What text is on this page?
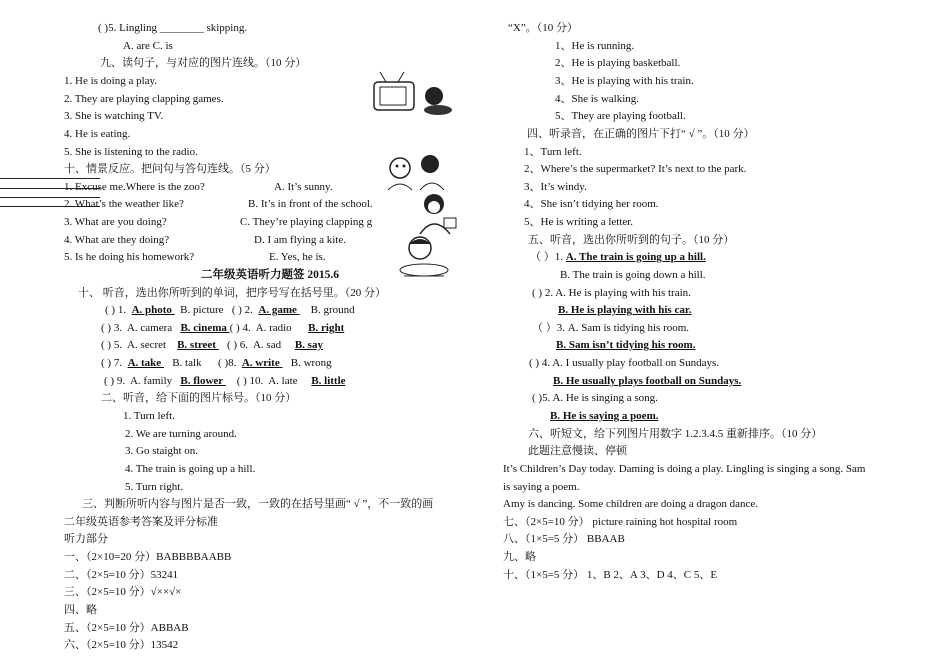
( )5. Lingling ________ skipping.
A. are C. is
九、读句子，与对应的图片连线。（10 分）
1. He is doing a play.
2. They are playing clapping games.
3. She is watching TV.
4. He is eating.
5. She is listening to the radio.
十、情景反应。把问句与答句连线。（5 分）
1. Excuse me.Where is the zoo?	A. It’s sunny.
2. What’s the weather like?	B. It’s in front of the school.
3. What are you doing?	C. They’re playing clapping g
4. What are they doing?	D. I am flying a kite.
5. Is he doing his homework?	E. Yes, he is.
二年级英语听力题签 2015.6
十、 听音，选出你所听到的单词，把序号写在括号里。（20 分）
( ) 1. A. photo   B. picture ( ) 2. A. game     B. ground
( ) 3. A. camera B. cinema ( ) 4. A. radio B. right
( ) 5. A. secret B. street    ( ) 6. A. sad     B. say
( ) 7. A. take    B. talk ( )8. A. write    B. wrong
( ) 9. A. family B. flower     ( ) 10. A. late B. little
二、听音，给下面的图片标号。（10 分）
1. Turn left.
2. We are turning around.
3. Go staight on.
4. The train is going up a hill.
5. Turn right.
三、判断所听内容与图片是否一致，一致的在括号里画“ √ ”，不一致的画
二年级英语参考答案及评分标准
听力部分
一、（2×10=20 分）BABBBBAABB
二、（2×5=10 分）53241
三、（2×5=10 分）√××√×
四、略
五、（2×5=10 分）ABBAB
六、（2×5=10 分）13542
“X”。（10 分）
1、He is running.
2、He is playing basketball.
3、He is playing with his train.
4、She is walking.
5、They are playing football.
四、听录音，在正确的图片下打“ √ ”。（10 分）
1、Turn left.
2、Where’s the supermarket? It’s next to the park.
3、It’s windy.
4、She isn’t tidying her room.
5、He is writing a letter.
五、听音，选出你所听到的句子。（10 分）
（ ）1. A. The train is going up a hill.
B. The train is going down a hill.
( ) 2. A. He is playing with his train.
B. He is playing with his car.
（ ）3. A. Sam is tidying his room.
B. Sam isn’t tidying his room.
( ) 4. A. I usually play football on Sundays.
B. He usually plays football on Sundays.
( )5. A. He is singing a song.
B. He is saying a poem.
六、听短文，给下列图片用数字 1.2.3.4.5 重新排序。（10 分）
此题注意慢读、停顿
It’s Children’s Day today. Daming is doing a play. Lingling is singing a song. Sam
is saying a poem.
Amy is dancing. Some children are doing a dragon dance.
七、（2×5=10 分） picture raining hot hospital room
八、（1×5=5 分） BBAAB
九、略
十、（1×5=5 分） 1、B 2、A 3、D 4、C 5、E
